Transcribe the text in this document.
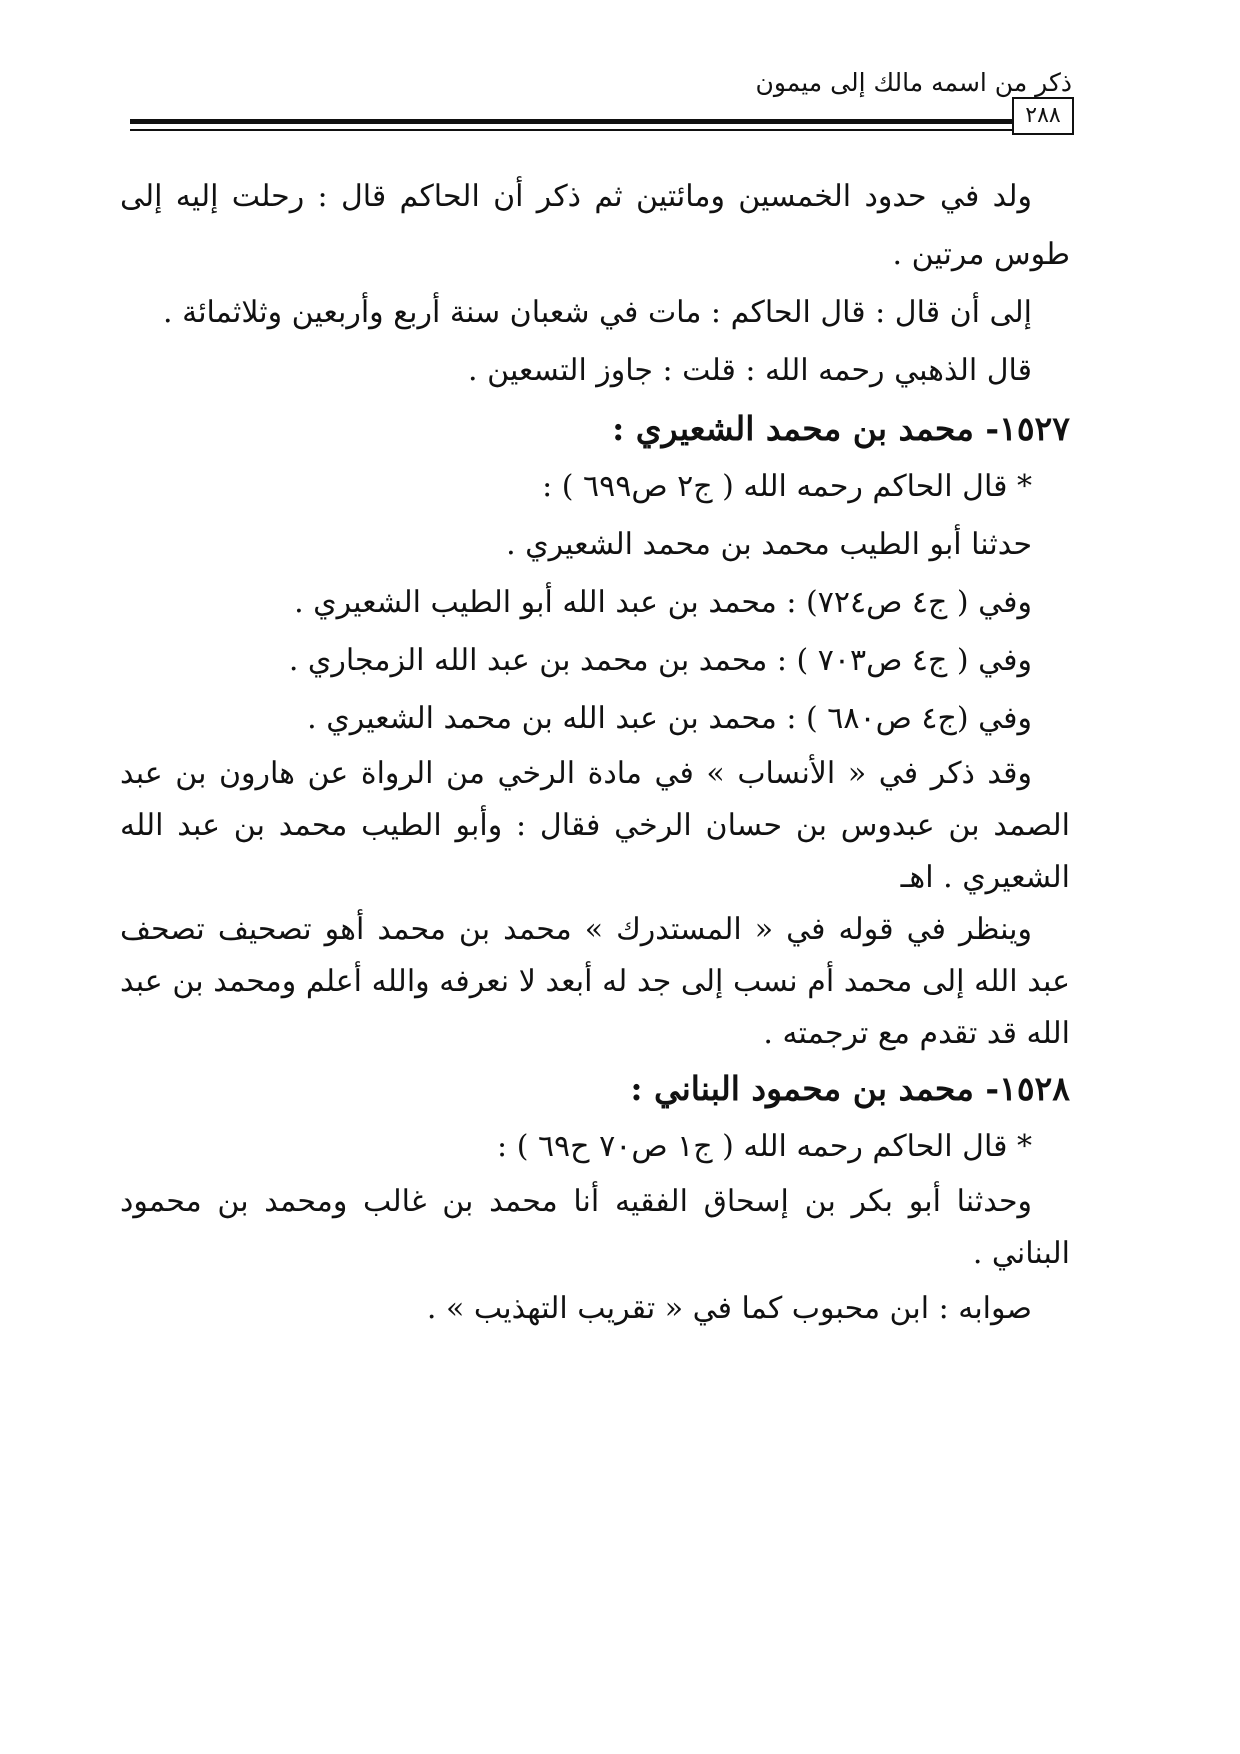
ذكر من اسمه مالك إلى ميمون
٢٨٨

ولد في حدود الخمسين ومائتين ثم ذكر أن الحاكم قال : رحلت إليه إلى طوس مرتين .

إلى أن قال : قال الحاكم : مات في شعبان سنة أربع وأربعين وثلاثمائة .

قال الذهبي رحمه الله : قلت : جاوز التسعين .

١٥٢٧- محمد بن محمد الشعيري :

* قال الحاكم رحمه الله ( ج٢ ص٦٩٩ ) :

حدثنا أبو الطيب محمد بن محمد الشعيري .

وفي ( ج٤ ص٧٢٤) : محمد بن عبد الله أبو الطيب الشعيري .

وفي ( ج٤ ص٧٠٣ ) : محمد بن محمد بن عبد الله الزمجاري .

وفي (ج٤ ص٦٨٠ ) : محمد بن عبد الله بن محمد الشعيري .

وقد ذكر في « الأنساب » في مادة الرخي من الرواة عن هارون بن عبد الصمد بن عبدوس بن حسان الرخي فقال : وأبو الطيب محمد بن عبد الله الشعيري . اهـ

وينظر في قوله في « المستدرك » محمد بن محمد أهو تصحيف تصحف عبد الله إلى محمد أم نسب إلى جد له أبعد لا نعرفه والله أعلم ومحمد بن عبد الله قد تقدم مع ترجمته .

١٥٢٨- محمد بن محمود البناني :

* قال الحاكم رحمه الله ( ج١ ص٧٠ ح٦٩ ) :

وحدثنا أبو بكر بن إسحاق الفقيه أنا محمد بن غالب ومحمد بن محمود البناني .

صوابه : ابن محبوب كما في « تقريب التهذيب » .
